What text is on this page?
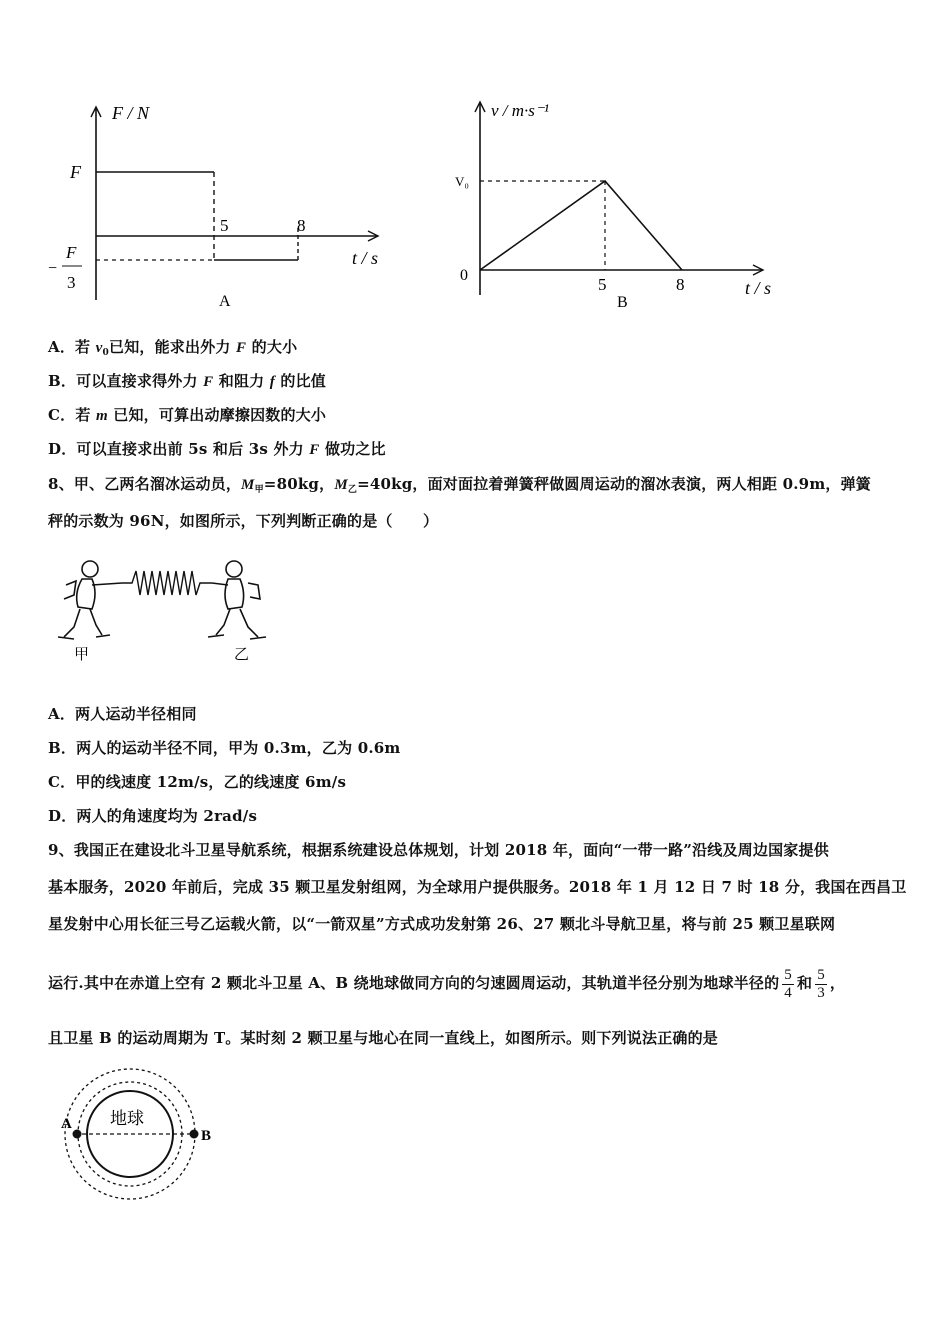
F / N
F
−
F
3
5	8
t / s
A
v / m·s⁻¹
V₀
0	5	8	t / s
B
A．若 $v_0$已知，能求出外力 F 的大小
B．可以直接求得外力 F 和阻力 f 的比值
C．若 m 已知，可算出动摩擦因数的大小
D．可以直接求出前 5s 和后 3s 外力 F 做功之比
8、甲、乙两名溜冰运动员，$M_甲=80kg$，$M_乙=40kg$，面对面拉着弹簧秤做圆周运动的溜冰表演，两人相距 0.9m，弹簧
秤的示数为 96N，如图所示，下列判断正确的是（　　）
甲	乙
A．两人运动半径相同
B．两人的运动半径不同，甲为 0.3m，乙为 0.6m
C．甲的线速度 12m/s，乙的线速度 6m/s
D．两人的角速度均为 2rad/s
9、我国正在建设北斗卫星导航系统，根据系统建设总体规划，计划 2018 年，面向“一带一路”沿线及周边国家提供
基本服务，2020 年前后，完成 35 颗卫星发射组网，为全球用户提供服务。2018 年 1 月 12 日 7 时 18 分，我国在西昌卫
星发射中心用长征三号乙运载火箭，以“一箭双星”方式成功发射第 26、27 颗北斗导航卫星，将与前 25 颗卫星联网
运行.其中在赤道上空有 2 颗北斗卫星 A、B 绕地球做同方向的匀速圆周运动，其轨道半径分别为地球半径的 $\frac{5}{4}$ 和 $\frac{5}{3}$ ，
且卫星 B 的运动周期为 T。某时刻 2 颗卫星与地心在同一直线上，如图所示。则下列说法正确的是
地球
A
B
